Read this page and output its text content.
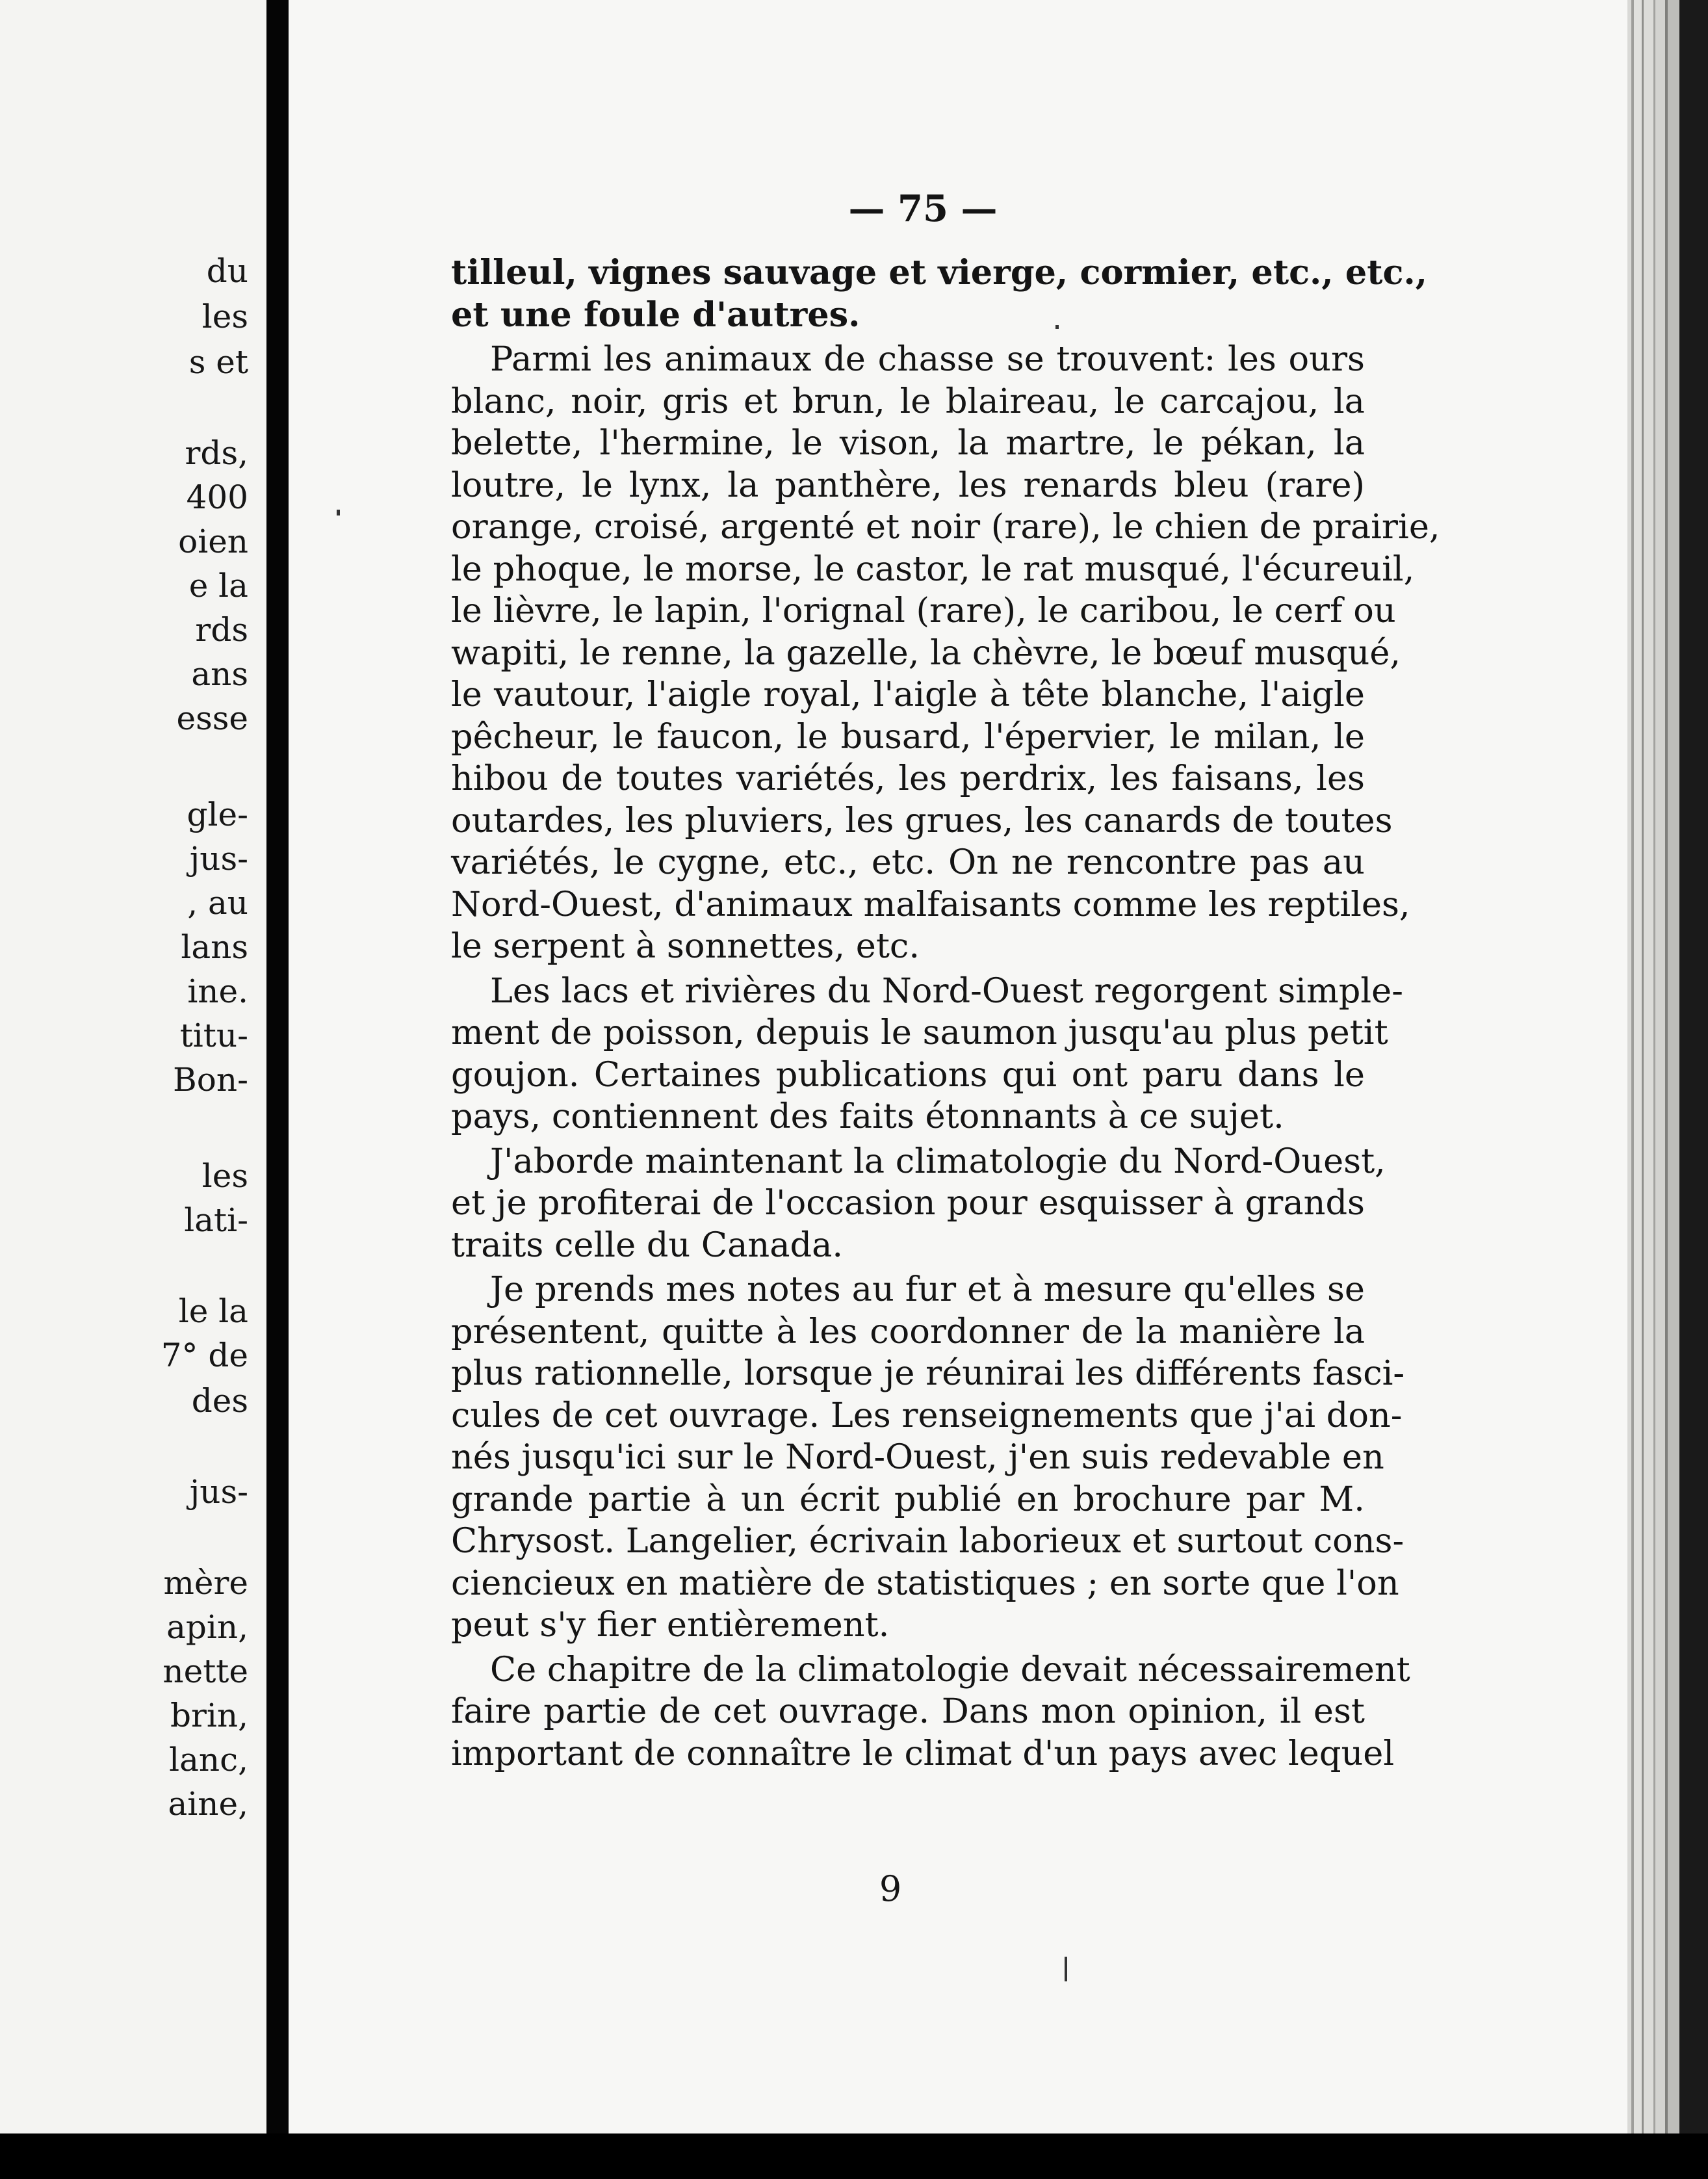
du

les

s et

rds,

400

oien

e la

rds

ans

esse

gle-

jus-

, au

lans

ine.

titu-

Bon-

les

lati-

le la

7° de

des

jus-

mère

apin,

nette

brin,

lanc,

aine,

— 75 —

tilleul, vignes sauvage et vierge, cormier, etc., etc.,
et une foule d'autres.
Parmi les animaux de chasse se trouvent: les ours
blanc, noir, gris et brun, le blaireau, le carcajou, la
belette, l'hermine, le vison, la martre, le pékan, la
loutre, le lynx, la panthère, les renards bleu (rare)
orange, croisé, argenté et noir (rare), le chien de prairie,
le phoque, le morse, le castor, le rat musqué, l'écureuil,
le lièvre, le lapin, l'orignal (rare), le caribou, le cerf ou
wapiti, le renne, la gazelle, la chèvre, le bœuf musqué,
le vautour, l'aigle royal, l'aigle à tête blanche, l'aigle
pêcheur, le faucon, le busard, l'épervier, le milan, le
hibou de toutes variétés, les perdrix, les faisans, les
outardes, les pluviers, les grues, les canards de toutes
variétés, le cygne, etc., etc. On ne rencontre pas au
Nord-Ouest, d'animaux malfaisants comme les reptiles,
le serpent à sonnettes, etc.
Les lacs et rivières du Nord-Ouest regorgent simple-
ment de poisson, depuis le saumon jusqu'au plus petit
goujon. Certaines publications qui ont paru dans le
pays, contiennent des faits étonnants à ce sujet.
J'aborde maintenant la climatologie du Nord-Ouest,
et je profiterai de l'occasion pour esquisser à grands
traits celle du Canada.
Je prends mes notes au fur et à mesure qu'elles se
présentent, quitte à les coordonner de la manière la
plus rationnelle, lorsque je réunirai les différents fasci-
cules de cet ouvrage. Les renseignements que j'ai don-
nés jusqu'ici sur le Nord-Ouest, j'en suis redevable en
grande partie à un écrit publié en brochure par M.
Chrysost. Langelier, écrivain laborieux et surtout cons-
ciencieux en matière de statistiques ; en sorte que l'on
peut s'y fier entièrement.
Ce chapitre de la climatologie devait nécessairement
faire partie de cet ouvrage. Dans mon opinion, il est
important de connaître le climat d'un pays avec lequel

9
